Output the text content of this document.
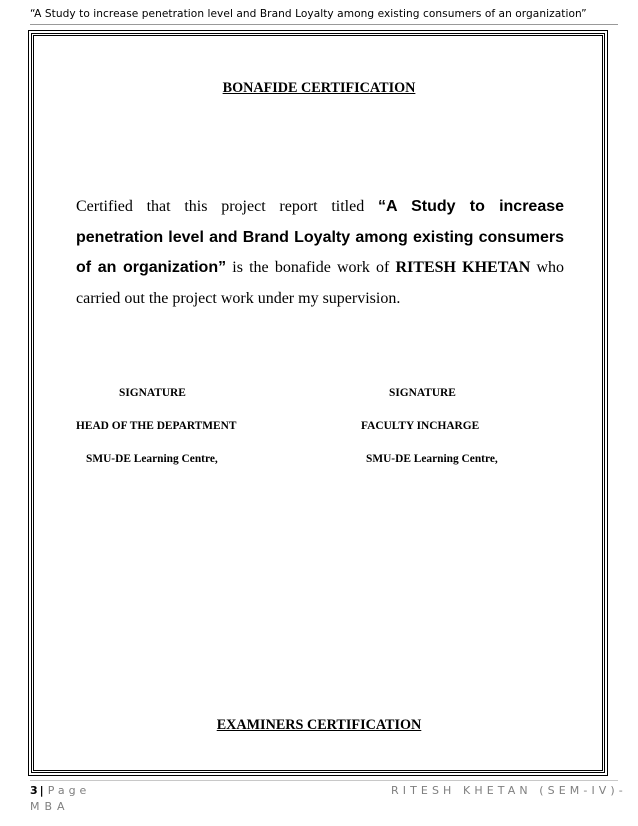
“A Study to increase penetration level and Brand Loyalty among existing consumers of an organization”
BONAFIDE CERTIFICATION
Certified that this project report titled “A Study to increase penetration level and Brand Loyalty among existing consumers of an organization” is the bonafide work of RITESH KHETAN who carried out the project work under my supervision.
SIGNATURE
HEAD OF THE DEPARTMENT
SMU-DE Learning Centre,
SIGNATURE
FACULTY INCHARGE
SMU-DE Learning Centre,
EXAMINERS CERTIFICATION
3 | Page	RITESH KHETAN (SEM-IV)-
MBA
